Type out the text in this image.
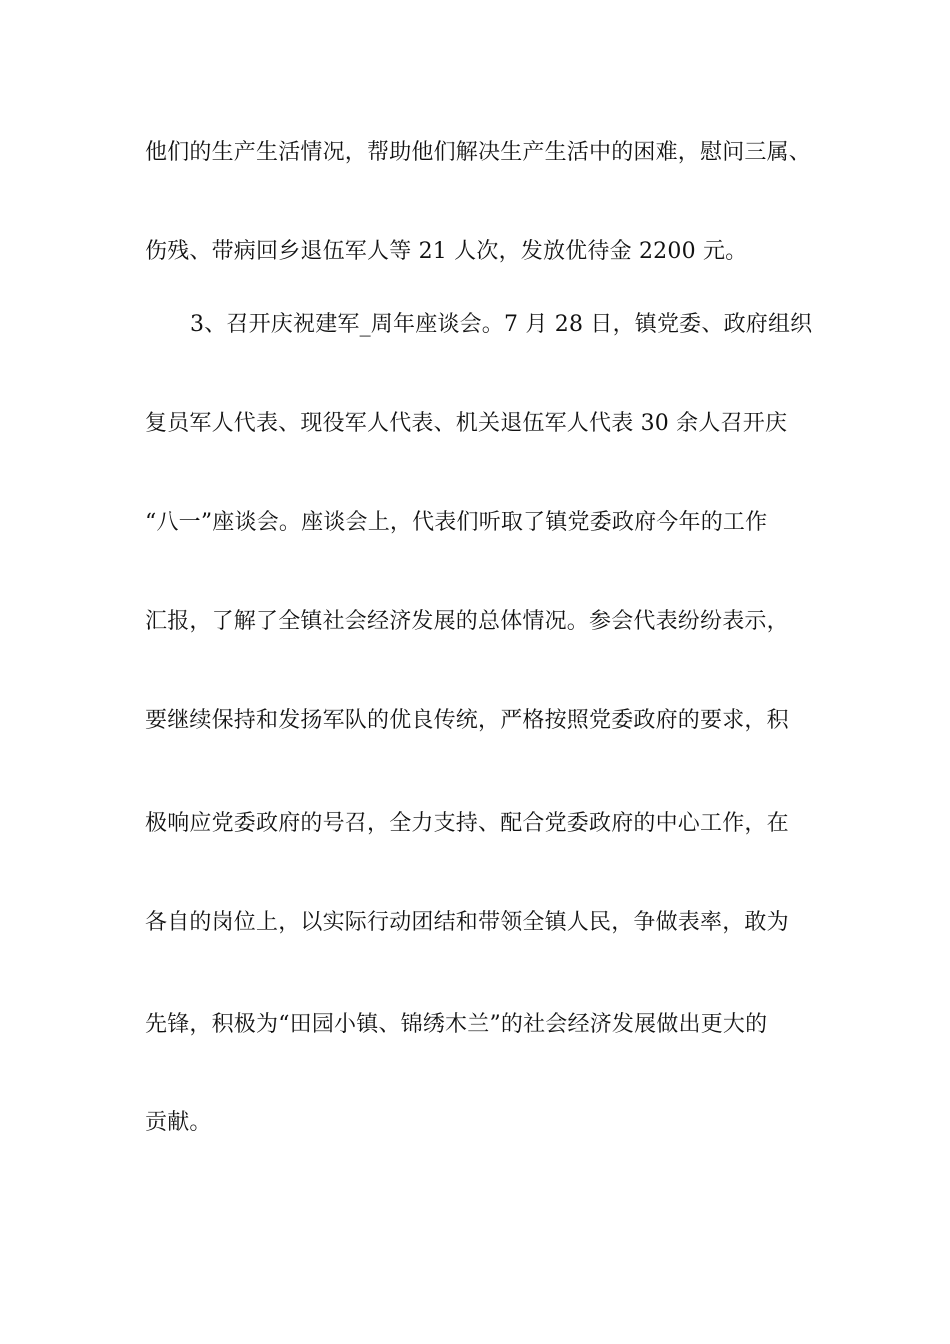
他们的生产生活情况，帮助他们解决生产生活中的困难，慰问三属、
伤残、带病回乡退伍军人等 21 人次，发放优待金 2200 元。
3、召开庆祝建军_周年座谈会。7 月 28 日，镇党委、政府组织
复员军人代表、现役军人代表、机关退伍军人代表 30 余人召开庆
“八一”座谈会。座谈会上，代表们听取了镇党委政府今年的工作
汇报，了解了全镇社会经济发展的总体情况。参会代表纷纷表示，
要继续保持和发扬军队的优良传统，严格按照党委政府的要求，积
极响应党委政府的号召，全力支持、配合党委政府的中心工作，在
各自的岗位上，以实际行动团结和带领全镇人民，争做表率，敢为
先锋，积极为“田园小镇、锦绣木兰”的社会经济发展做出更大的
贡献。
